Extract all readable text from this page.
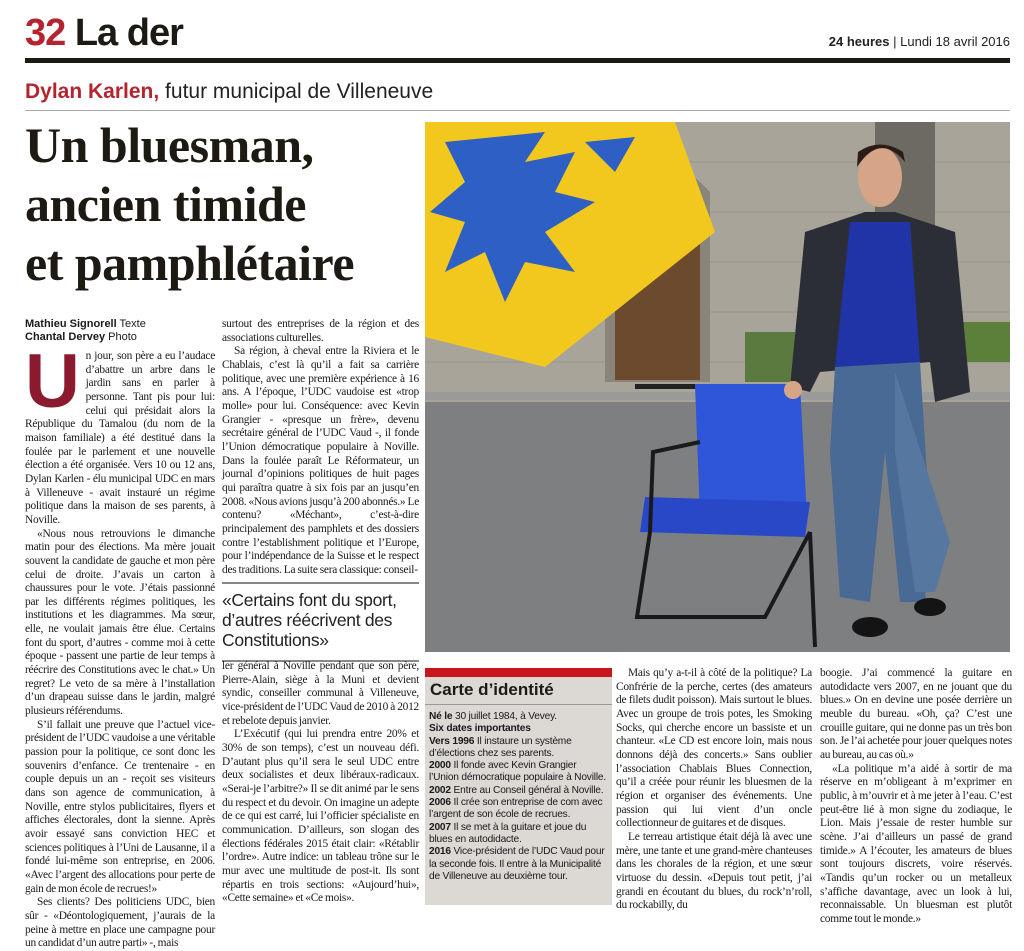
32 La der	24 heures | Lundi 18 avril 2016
Dylan Karlen, futur municipal de Villeneuve
Un bluesman,
ancien timide
et pamphlétaire
Mathieu Signorell Texte
Chantal Dervey Photo

Un jour, son père a eu l’audace d’abattre un arbre dans le jardin sans en parler à personne. Tant pis pour lui: celui qui présidait alors la République du Tamalou (du nom de la maison familiale) a été destitué dans la foulée par le parlement et une nouvelle élection a été organisée. Vers 10 ou 12 ans, Dylan Karlen - élu municipal UDC en mars à Villeneuve - avait instauré un régime politique dans la maison de ses parents, à Noville.

«Nous nous retrouvions le dimanche matin pour des élections. Ma mère jouait souvent la candidate de gauche et mon père celui de droite. J’avais un carton à chaussures pour le vote. J’étais passionné par les différents régimes politiques, les institutions et les diagrammes. Ma sœur, elle, ne voulait jamais être élue. Certains font du sport, d’autres - comme moi à cette époque - passent une partie de leur temps à réécrire des Constitutions avec le chat.» Un regret? Le veto de sa mère à l’installation d’un drapeau suisse dans le jardin, malgré plusieurs référendums.

S’il fallait une preuve que l’actuel vice-président de l’UDC vaudoise a une véritable passion pour la politique, ce sont donc les souvenirs d’enfance. Ce trentenaire - en couple depuis un an - reçoit ses visiteurs dans son agence de communication, à Noville, entre stylos publicitaires, flyers et affiches électorales, dont la sienne. Après avoir essayé sans conviction HEC et sciences politiques à l’Uni de Lausanne, il a fondé lui-même son entreprise, en 2006. «Avec l’argent des allocations pour perte de gain de mon école de recrues!»

Ses clients? Des politiciens UDC, bien sûr - «Déontologiquement, j’aurais de la peine à mettre en place une campagne pour un candidat d’un autre parti» -, mais

surtout des entreprises de la région et des associations culturelles.

Sa région, à cheval entre la Riviera et le Chablais, c’est là qu’il a fait sa carrière politique, avec une première expérience à 16 ans. A l’époque, l’UDC vaudoise est «trop molle» pour lui. Conséquence: avec Kevin Grangier - «presque un frère», devenu secrétaire général de l’UDC Vaud -, il fonde l’Union démocratique populaire à Noville. Dans la foulée paraît Le Réformateur, un journal d’opinions politiques de huit pages qui paraîtra quatre à six fois par an jusqu’en 2008. «Nous avions jusqu’à 200 abonnés.» Le contenu? «Méchant», c’est-à-dire principalement des pamphlets et des dossiers contre l’establishment politique et l’Europe, pour l’indépendance de la Suisse et le respect des traditions. La suite sera classique: conseil-

«Certains font du sport, d’autres réécrivent des Constitutions»

ler général à Noville pendant que son père, Pierre-Alain, siège à la Muni et devient syndic, conseiller communal à Villeneuve, vice-président de l’UDC Vaud de 2010 à 2012 et rebelote depuis janvier.

L’Exécutif (qui lui prendra entre 20% et 30% de son temps), c’est un nouveau défi. D’autant plus qu’il sera le seul UDC entre deux socialistes et deux libéraux-radicaux. «Serai-je l’arbitre?» Il se dit animé par le sens du respect et du devoir. On imagine un adepte de ce qui est carré, lui l’officier spécialiste en communication. D’ailleurs, son slogan des élections fédérales 2015 était clair: «Rétablir l’ordre». Autre indice: un tableau trône sur le mur avec une multitude de post-it. Ils sont répartis en trois sections: «Aujourd’hui», «Cette semaine» et «Ce mois».

Carte d’identité
Né le 30 juillet 1984, à Vevey.
Six dates importantes
Vers 1996 Il instaure un système d’élections chez ses parents.
2000 Il fonde avec Kevin Grangier l’Union démocratique populaire à Noville.
2002 Entre au Conseil général à Noville.
2006 Il crée son entreprise de com avec l’argent de son école de recrues.
2007 Il se met à la guitare et joue du blues en autodidacte.
2016 Vice-président de l’UDC Vaud pour la seconde fois. Il entre à la Municipalité de Villeneuve au deuxième tour.

Mais qu’y a-t-il à côté de la politique? La Confrérie de la perche, certes (des amateurs de filets dudit poisson). Mais surtout le blues. Avec un groupe de trois potes, les Smoking Socks, qui cherche encore un bassiste et un chanteur. «Le CD est encore loin, mais nous donnons déjà des concerts.» Sans oublier l’association Chablais Blues Connection, qu’il a créée pour réunir les bluesmen de la région et organiser des événements. Une passion qui lui vient d’un oncle collectionneur de guitares et de disques.

Le terreau artistique était déjà là avec une mère, une tante et une grand-mère chanteuses dans les chorales de la région, et une sœur virtuose du dessin. «Depuis tout petit, j’ai grandi en écoutant du blues, du rock’n’roll, du rockabilly, du

boogie. J’ai commencé la guitare en autodidacte vers 2007, en ne jouant que du blues.» On en devine une posée derrière un meuble du bureau. «Oh, ça? C’est une crouille guitare, qui ne donne pas un très bon son. Je l’ai achetée pour jouer quelques notes au bureau, au cas où.»

«La politique m’a aidé à sortir de ma réserve en m’obligeant à m’exprimer en public, à m’ouvrir et à me jeter à l’eau. C’est peut-être lié à mon signe du zodiaque, le Lion. Mais j’essaie de rester humble sur scène. J’ai d’ailleurs un passé de grand timide.» A l’écouter, les amateurs de blues sont toujours discrets, voire réservés. «Tandis qu’un rocker ou un metalleux s’affiche davantage, avec un look à lui, reconnaissable. Un bluesman est plutôt comme tout le monde.»
